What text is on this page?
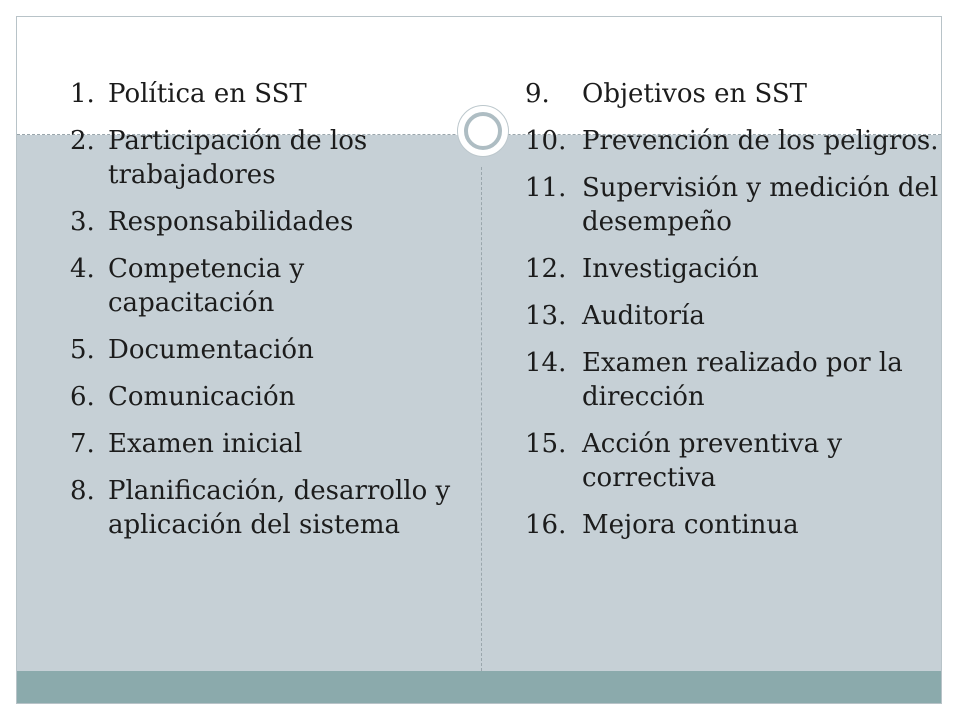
1. Política en SST
2. Participación de los trabajadores
3. Responsabilidades
4. Competencia y capacitación
5. Documentación
6. Comunicación
7. Examen inicial
8. Planificación, desarrollo y aplicación del sistema
9. Objetivos en SST
10. Prevención de los peligros.
11. Supervisión y medición del desempeño
12. Investigación
13. Auditoría
14. Examen realizado por la dirección
15. Acción preventiva y correctiva
16. Mejora continua
